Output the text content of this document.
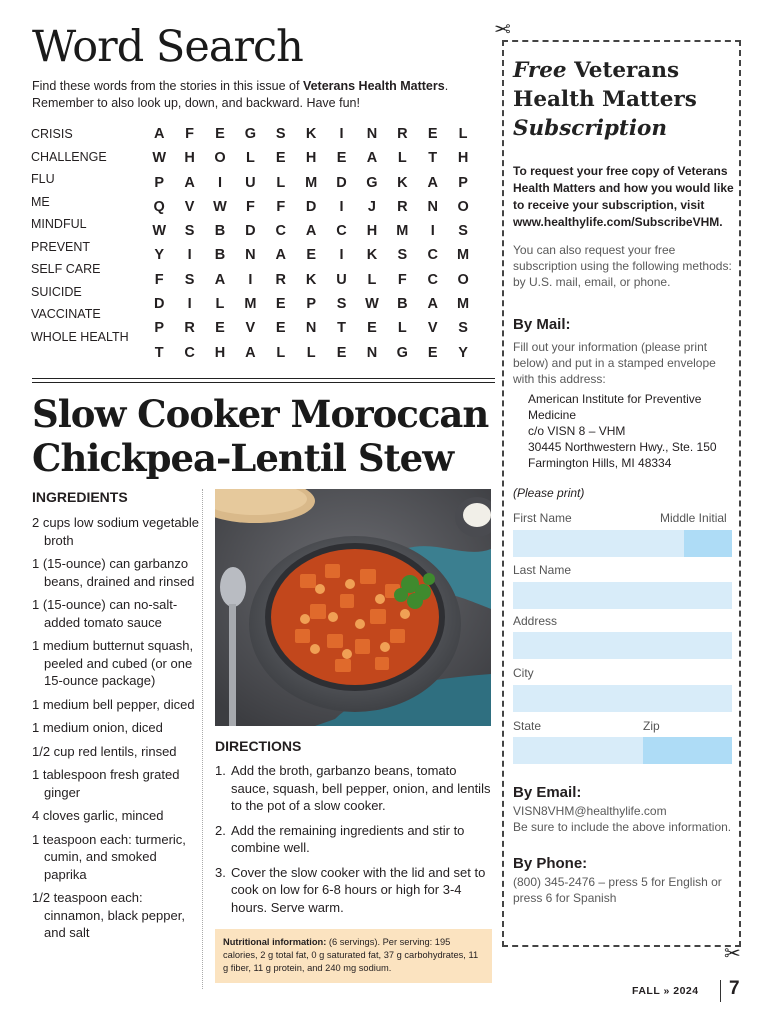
Word Search

Find these words from the stories in this issue of Veterans Health Matters. Remember to also look up, down, and backward. Have fun!

CRISIS
CHALLENGE
FLU
ME
MINDFUL
PREVENT
SELF CARE
SUICIDE
VACCINATE
WHOLE HEALTH
A	F	E	G	S	K	I	N	R	E	L
W	H	O	L	E	H	E	A	L	T	H
P	A	I	U	L	M	D	G	K	A	P
Q	V	W	F	F	D	I	J	R	N	O
W	S	B	D	C	A	C	H	M	I	S
Y	I	B	N	A	E	I	K	S	C	M
F	S	A	I	R	K	U	L	F	C	O
D	I	L	M	E	P	S	W	B	A	M
P	R	E	V	E	N	T	E	L	V	S
T	C	H	A	L	L	E	N	G	E	Y
Slow Cooker Moroccan
Chickpea-Lentil Stew
INGREDIENTS
2 cups low sodium vegetable broth
1 (15-ounce) can garbanzo beans, drained and rinsed
1 (15-ounce) can no-salt-added tomato sauce
1 medium butternut squash, peeled and cubed (or one 15-ounce package)
1 medium bell pepper, diced
1 medium onion, diced
1/2 cup red lentils, rinsed
1 tablespoon fresh grated ginger
4 cloves garlic, minced
1 teaspoon each: turmeric, cumin, and smoked paprika
1/2 teaspoon each: cinnamon, black pepper, and salt
DIRECTIONS
1. Add the broth, garbanzo beans, tomato sauce, squash, bell pepper, onion, and lentils to the pot of a slow cooker.
2. Add the remaining ingredients and stir to combine well.
3. Cover the slow cooker with the lid and set to cook on low for 6-8 hours or high for 3-4 hours. Serve warm.
Nutritional information: (6 servings). Per serving: 195 calories, 2 g total fat, 0 g saturated fat, 37 g carbohydrates, 11 g fiber, 11 g protein, and 240 mg sodium.
✂
✂
Free Veterans
Health Matters
Subscription

To request your free copy of Veterans Health Matters and how you would like to receive your subscription, visit www.healthylife.com/SubscribeVHM.

You can also request your free subscription using the following methods: by U.S. mail, email, or phone.

By Mail:

Fill out your information (please print below) and put in a stamped envelope with this address:

American Institute for Preventive
Medicine
c/o VISN 8 – VHM
30445 Northwestern Hwy., Ste. 150
Farmington Hills, MI 48334

(Please print)

First Name	Middle Initial
Last Name
Address
City
State	Zip
By Email:

VISN8VHM@healthylife.com

Be sure to include the above information.

By Phone:

(800) 345-2476 – press 5 for English or press 6 for Spanish

FALL » 2024 7
